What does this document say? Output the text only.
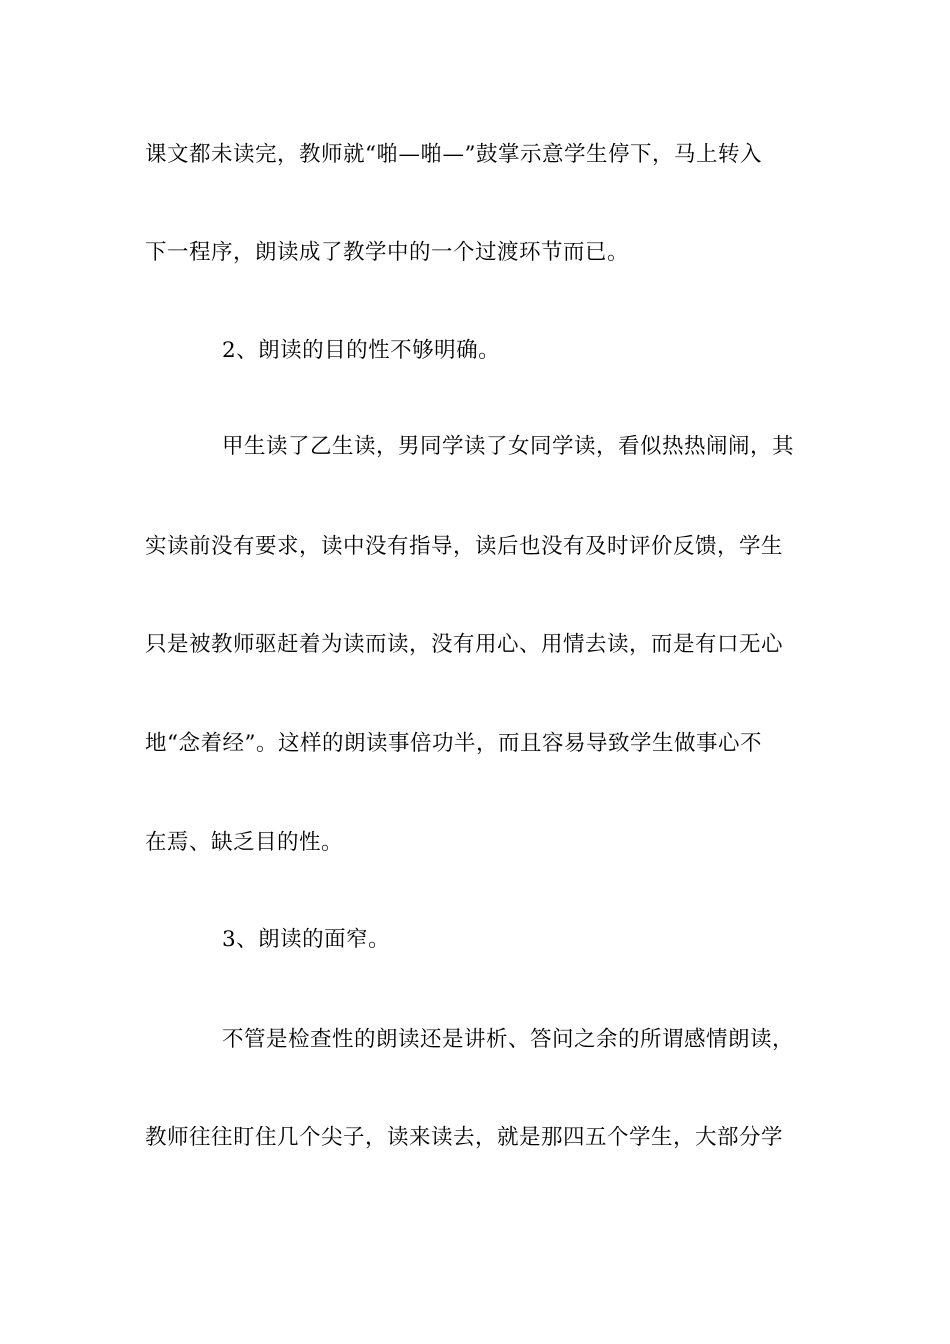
课文都未读完，教师就“啪—啪—”鼓掌示意学生停下，马上转入
下一程序，朗读成了教学中的一个过渡环节而已。
2、朗读的目的性不够明确。
甲生读了乙生读，男同学读了女同学读，看似热热闹闹，其
实读前没有要求，读中没有指导，读后也没有及时评价反馈，学生
只是被教师驱赶着为读而读，没有用心、用情去读，而是有口无心
地“念着经”。这样的朗读事倍功半，而且容易导致学生做事心不
在焉、缺乏目的性。
3、朗读的面窄。
不管是检查性的朗读还是讲析、答问之余的所谓感情朗读，
教师往往盯住几个尖子，读来读去，就是那四五个学生，大部分学
